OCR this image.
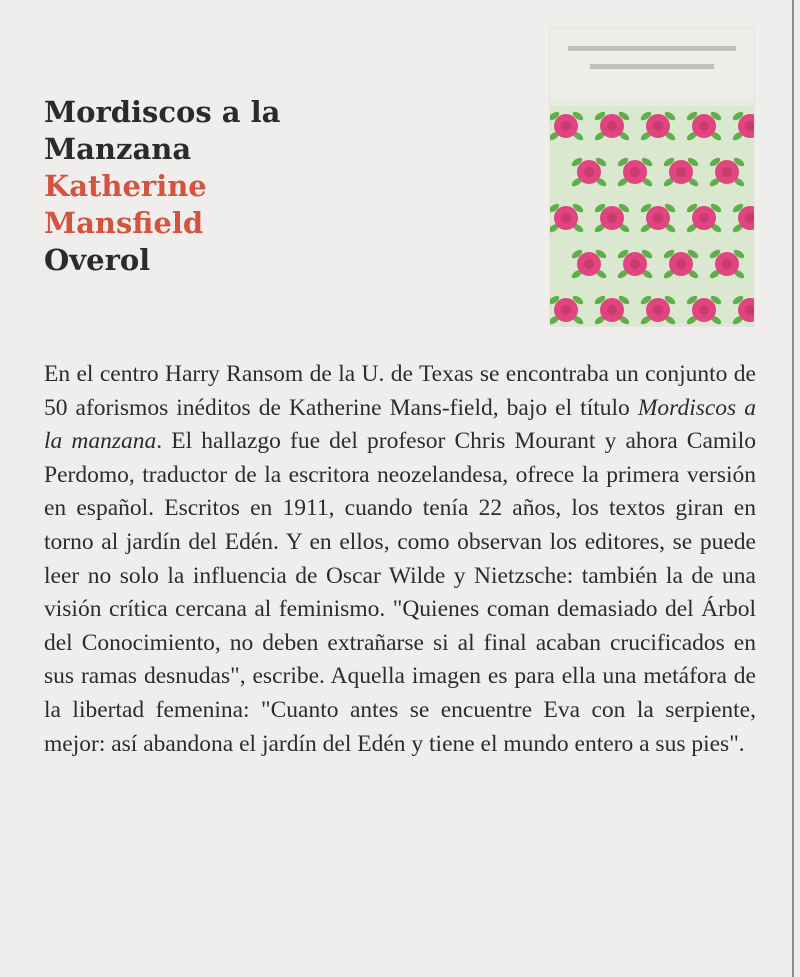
Mordiscos a la
Manzana
Katherine
Mansfield
Overol
En el centro Harry Ransom de la U. de Texas se encontraba un conjunto de 50 aforismos inéditos de Katherine Mans-field, bajo el título Mordiscos a la manzana. El hallazgo fue del profesor Chris Mourant y ahora Camilo Perdomo, traductor de la escritora neozelandesa, ofrece la primera versión en español. Escritos en 1911, cuando tenía 22 años, los textos giran en torno al jardín del Edén. Y en ellos, como observan los editores, se puede leer no solo la influencia de Oscar Wilde y Nietzsche: también la de una visión crítica cercana al feminismo. "Quienes coman demasiado del Árbol del Conocimiento, no deben extrañarse si al final acaban crucificados en sus ramas desnudas", escribe. Aquella imagen es para ella una metáfora de la libertad femenina: "Cuanto antes se encuentre Eva con la serpiente, mejor: así abandona el jardín del Edén y tiene el mundo entero a sus pies".
